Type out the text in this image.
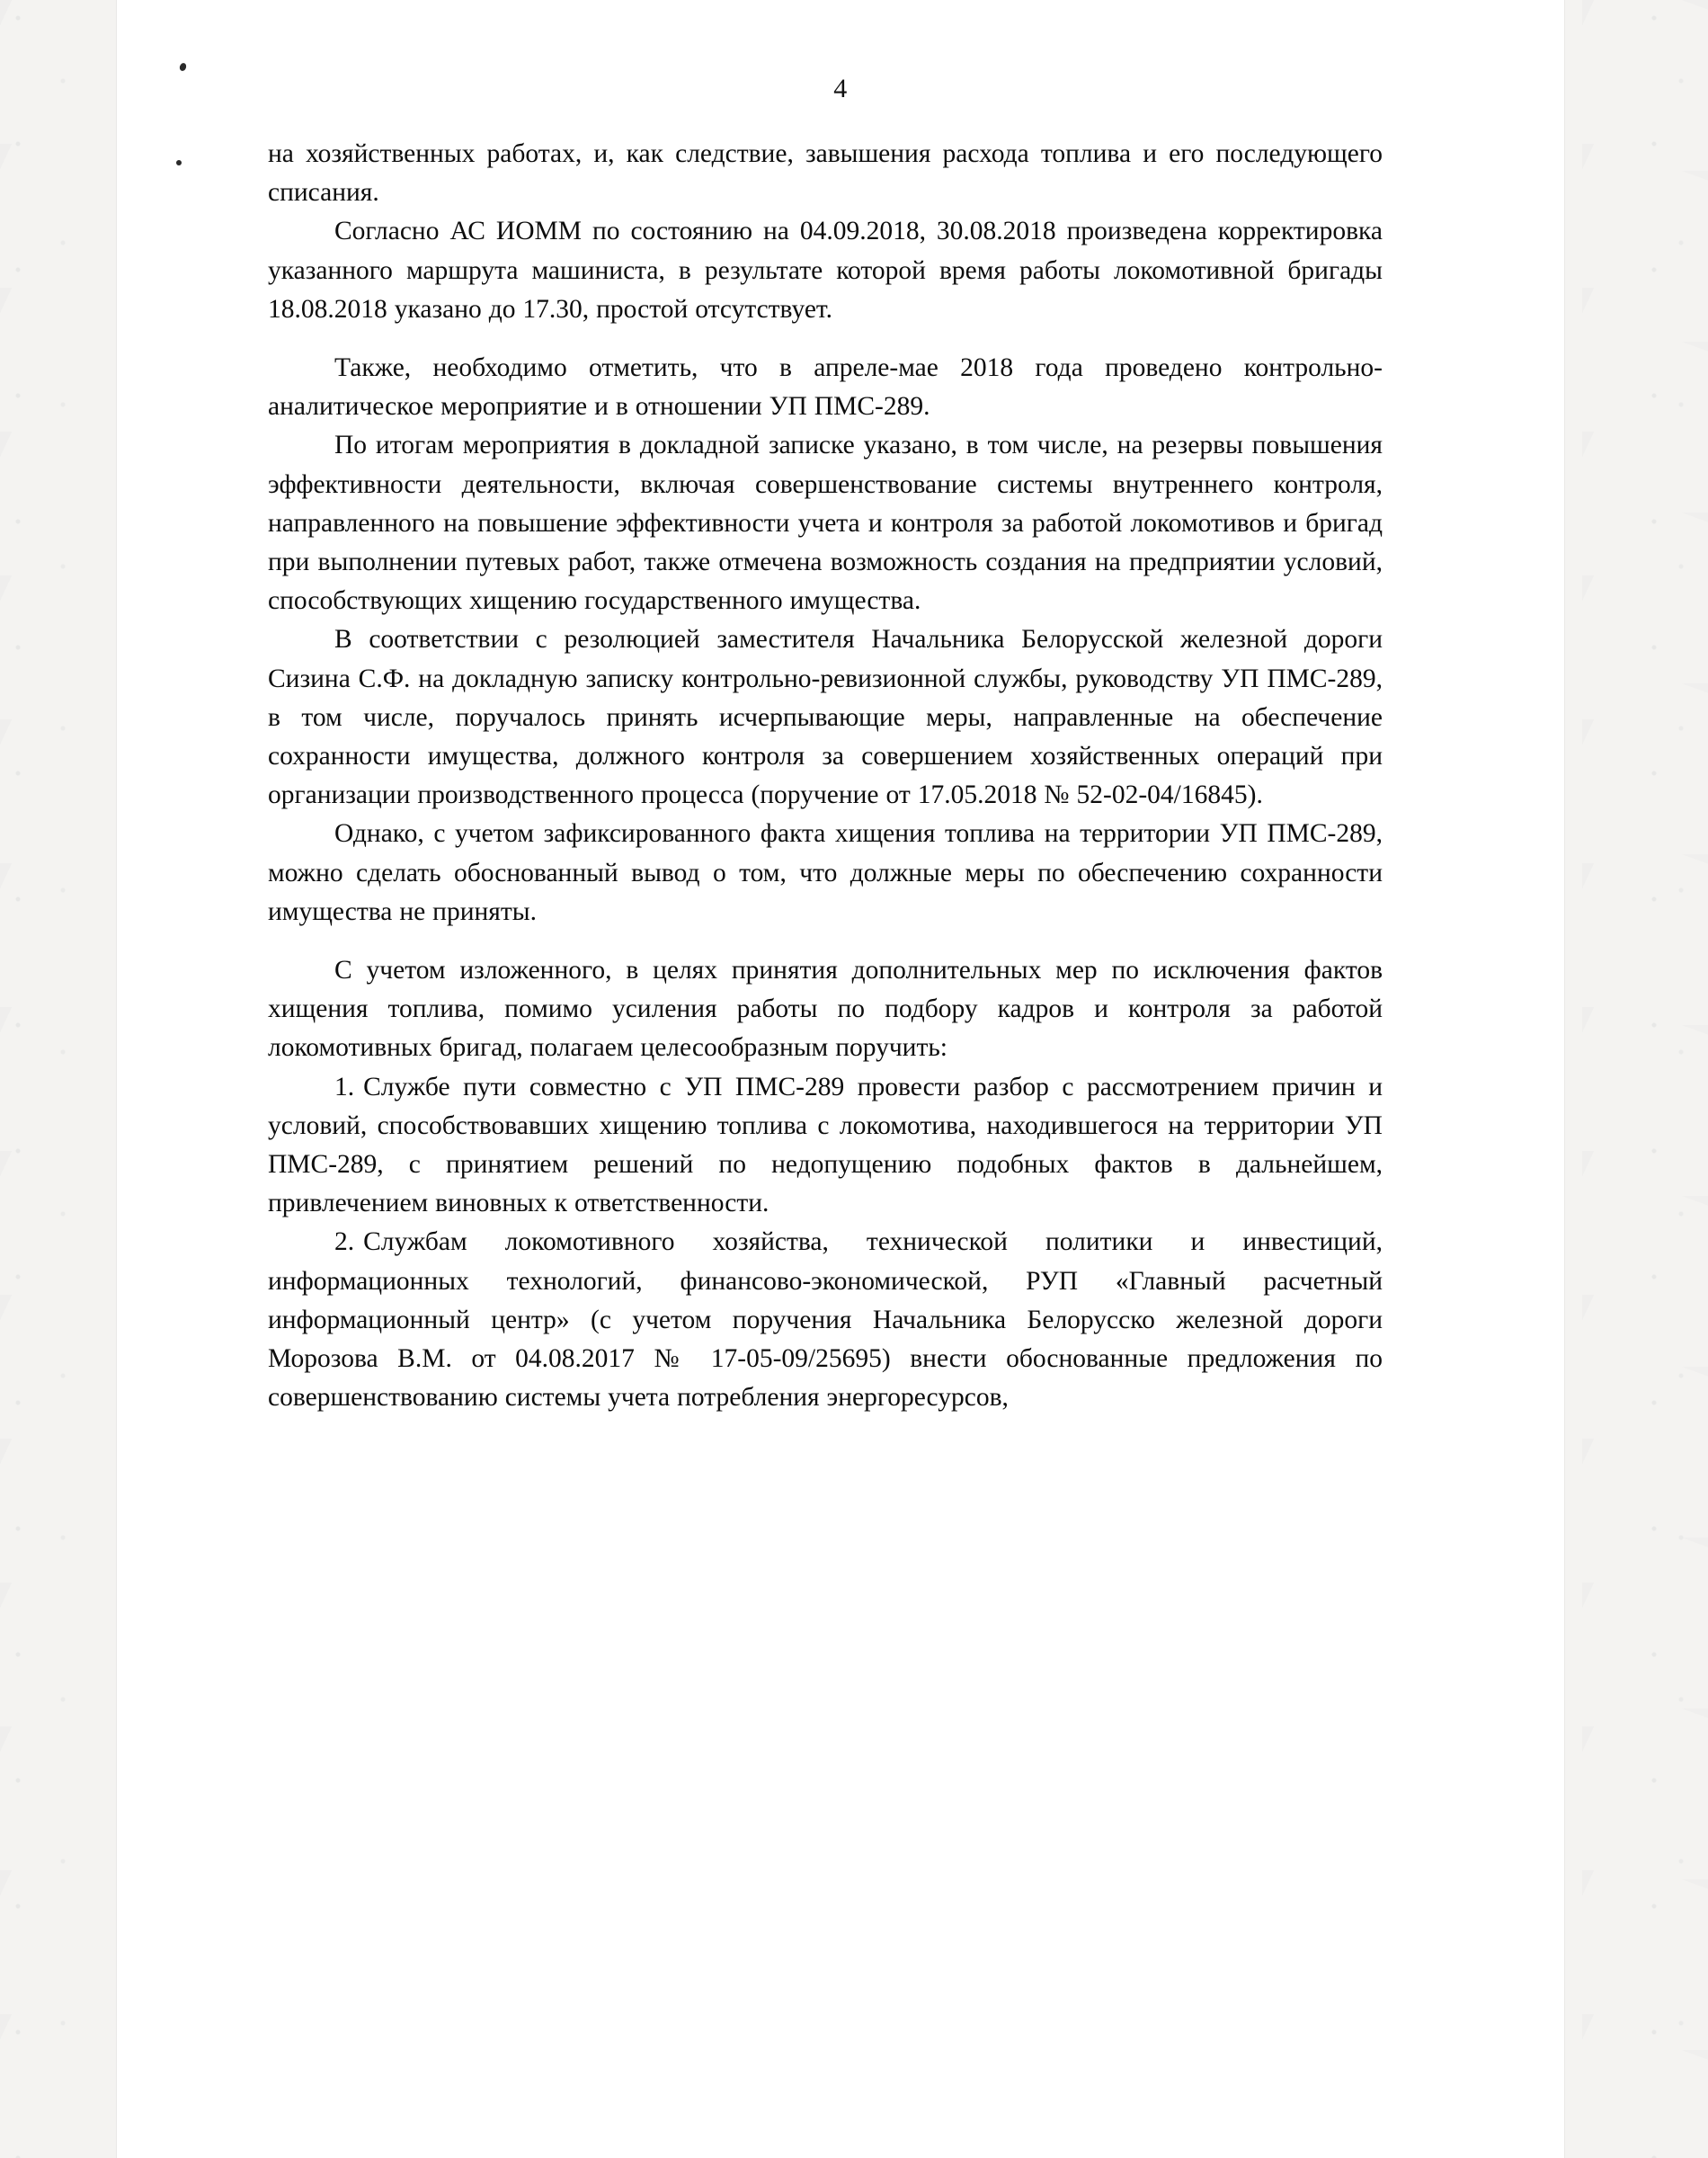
4

на хозяйственных работах, и, как следствие, завышения расхода топлива и его последующего списания.

Согласно АС ИОММ по состоянию на 04.09.2018, 30.08.2018 произведена корректировка указанного маршрута машиниста, в результате которой время работы локомотивной бригады 18.08.2018 указано до 17.30, простой отсутствует.

Также, необходимо отметить, что в апреле-мае 2018 года проведено контрольно-аналитическое мероприятие и в отношении УП ПМС-289.

По итогам мероприятия в докладной записке указано, в том числе, на резервы повышения эффективности деятельности, включая совершенствование системы внутреннего контроля, направленного на повышение эффективности учета и контроля за работой локомотивов и бригад при выполнении путевых работ, также отмечена возможность создания на предприятии условий, способствующих хищению государственного имущества.

В соответствии с резолюцией заместителя Начальника Белорусской железной дороги Сизина С.Ф. на докладную записку контрольно-ревизионной службы, руководству УП ПМС-289, в том числе, поручалось принять исчерпывающие меры, направленные на обеспечение сохранности имущества, должного контроля за совершением хозяйственных операций при организации производственного процесса (поручение от 17.05.2018 № 52-02-04/16845).

Однако, с учетом зафиксированного факта хищения топлива на территории УП ПМС-289, можно сделать обоснованный вывод о том, что должные меры по обеспечению сохранности имущества не приняты.

С учетом изложенного, в целях принятия дополнительных мер по исключения фактов хищения топлива, помимо усиления работы по подбору кадров и контроля за работой локомотивных бригад, полагаем целесообразным поручить:

1. Службе пути совместно с УП ПМС-289 провести разбор с рассмотрением причин и условий, способствовавших хищению топлива с локомотива, находившегося на территории УП ПМС-289, с принятием решений по недопущению подобных фактов в дальнейшем, привлечением виновных к ответственности.

2. Службам локомотивного хозяйства, технической политики и инвестиций, информационных технологий, финансово-экономической, РУП «Главный расчетный информационный центр» (с учетом поручения Начальника Белорусско железной дороги Морозова В.М. от 04.08.2017 № 17-05-09/25695) внести обоснованные предложения по совершенствованию системы учета потребления энергоресурсов,
